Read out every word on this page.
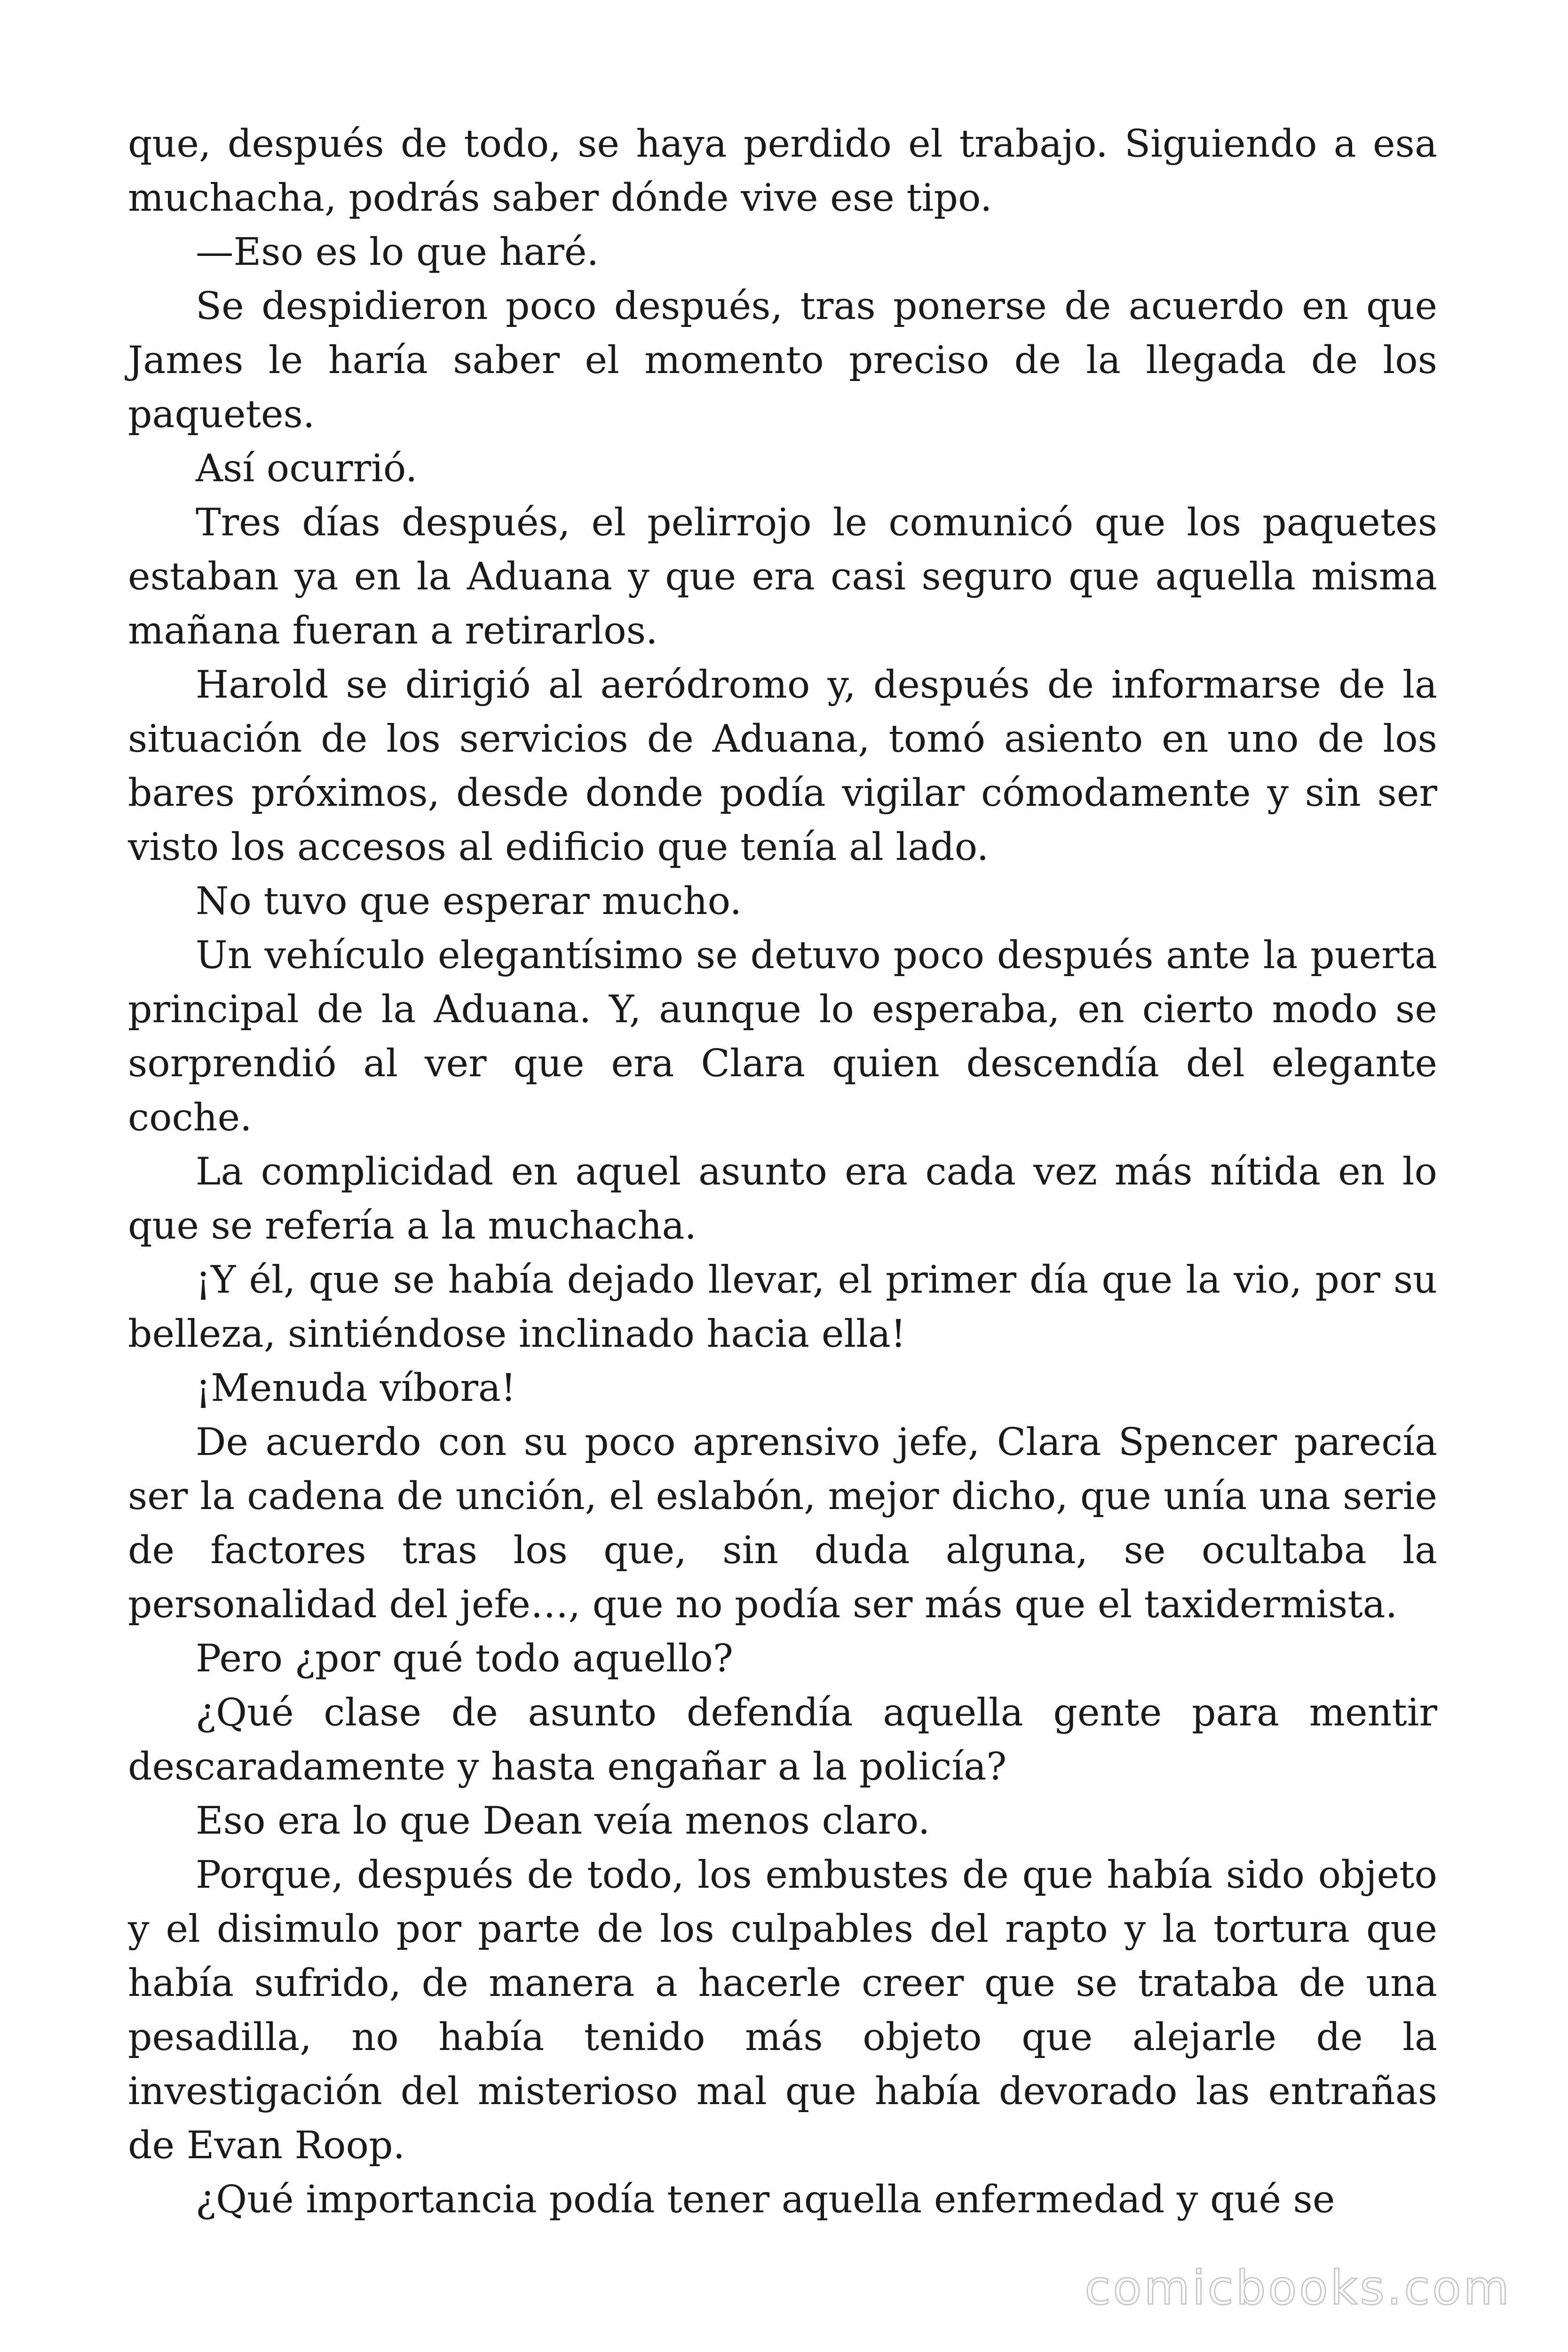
que, después de todo, se haya perdido el trabajo. Siguiendo a esa muchacha, podrás saber dónde vive ese tipo.

—Eso es lo que haré.

Se despidieron poco después, tras ponerse de acuerdo en que James le haría saber el momento preciso de la llegada de los paquetes.

Así ocurrió.

Tres días después, el pelirrojo le comunicó que los paquetes estaban ya en la Aduana y que era casi seguro que aquella misma mañana fueran a retirarlos.

Harold se dirigió al aeródromo y, después de informarse de la situación de los servicios de Aduana, tomó asiento en uno de los bares próximos, desde donde podía vigilar cómodamente y sin ser visto los accesos al edificio que tenía al lado.

No tuvo que esperar mucho.

Un vehículo elegantísimo se detuvo poco después ante la puerta principal de la Aduana. Y, aunque lo esperaba, en cierto modo se sorprendió al ver que era Clara quien descendía del elegante coche.

La complicidad en aquel asunto era cada vez más nítida en lo que se refería a la muchacha.

¡Y él, que se había dejado llevar, el primer día que la vio, por su belleza, sintiéndose inclinado hacia ella!

¡Menuda víbora!

De acuerdo con su poco aprensivo jefe, Clara Spencer parecía ser la cadena de unción, el eslabón, mejor dicho, que unía una serie de factores tras los que, sin duda alguna, se ocultaba la personalidad del jefe…, que no podía ser más que el taxidermista.

Pero ¿por qué todo aquello?

¿Qué clase de asunto defendía aquella gente para mentir descaradamente y hasta engañar a la policía?

Eso era lo que Dean veía menos claro.

Porque, después de todo, los embustes de que había sido objeto y el disimulo por parte de los culpables del rapto y la tortura que había sufrido, de manera a hacerle creer que se trataba de una pesadilla, no había tenido más objeto que alejarle de la investigación del misterioso mal que había devorado las entrañas de Evan Roop.

¿Qué importancia podía tener aquella enfermedad y qué se

comicbooks.com
